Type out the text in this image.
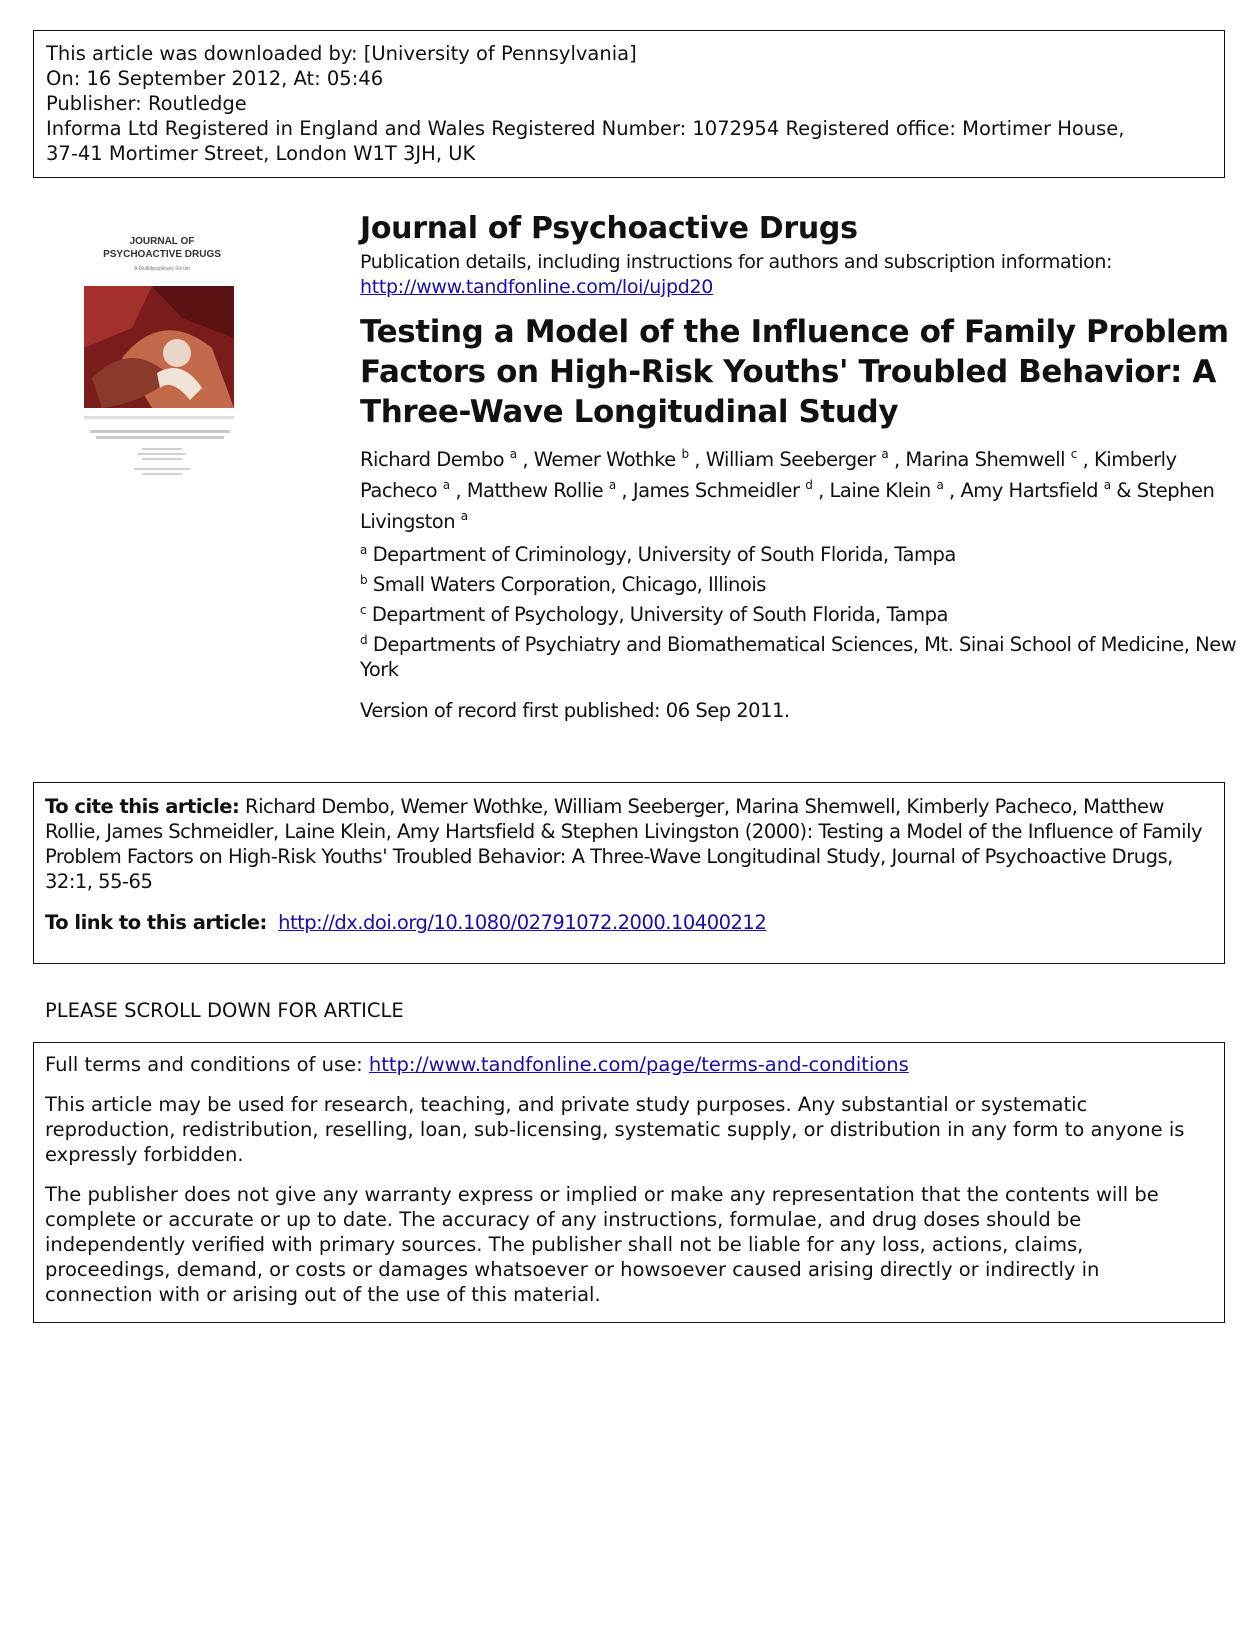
This article was downloaded by: [University of Pennsylvania]
On: 16 September 2012, At: 05:46
Publisher: Routledge
Informa Ltd Registered in England and Wales Registered Number: 1072954 Registered office: Mortimer House,
37-41 Mortimer Street, London W1T 3JH, UK
JOURNAL OF
PSYCHOACTIVE DRUGS
A Multidisciplinary Forum
Journal of Psychoactive Drugs
Publication details, including instructions for authors and subscription information:
http://www.tandfonline.com/loi/ujpd20
Testing a Model of the Influence of Family Problem Factors on High-Risk Youths' Troubled Behavior: A Three-Wave Longitudinal Study
Richard Dembo $^a$ , Wemer Wothke $^b$ , William Seeberger $^a$ , Marina Shemwell $^c$ , Kimberly Pacheco $^a$ , Matthew Rollie $^a$ , James Schmeidler $^d$ , Laine Klein $^a$ , Amy Hartsfield $^a$ & Stephen Livingston $^a$
$^a$ Department of Criminology, University of South Florida, Tampa
$^b$ Small Waters Corporation, Chicago, Illinois
$^c$ Department of Psychology, University of South Florida, Tampa
$^d$ Departments of Psychiatry and Biomathematical Sciences, Mt. Sinai School of Medicine, New York
Version of record first published: 06 Sep 2011.
To cite this article: Richard Dembo, Wemer Wothke, William Seeberger, Marina Shemwell, Kimberly Pacheco, Matthew Rollie, James Schmeidler, Laine Klein, Amy Hartsfield & Stephen Livingston (2000): Testing a Model of the Influence of Family Problem Factors on High-Risk Youths' Troubled Behavior: A Three-Wave Longitudinal Study, Journal of Psychoactive Drugs, 32:1, 55-65
To link to this article: http://dx.doi.org/10.1080/02791072.2000.10400212
PLEASE SCROLL DOWN FOR ARTICLE

Full terms and conditions of use: http://www.tandfonline.com/page/terms-and-conditions

This article may be used for research, teaching, and private study purposes. Any substantial or systematic reproduction, redistribution, reselling, loan, sub-licensing, systematic supply, or distribution in any form to anyone is expressly forbidden.

The publisher does not give any warranty express or implied or make any representation that the contents will be complete or accurate or up to date. The accuracy of any instructions, formulae, and drug doses should be independently verified with primary sources. The publisher shall not be liable for any loss, actions, claims, proceedings, demand, or costs or damages whatsoever or howsoever caused arising directly or indirectly in connection with or arising out of the use of this material.
